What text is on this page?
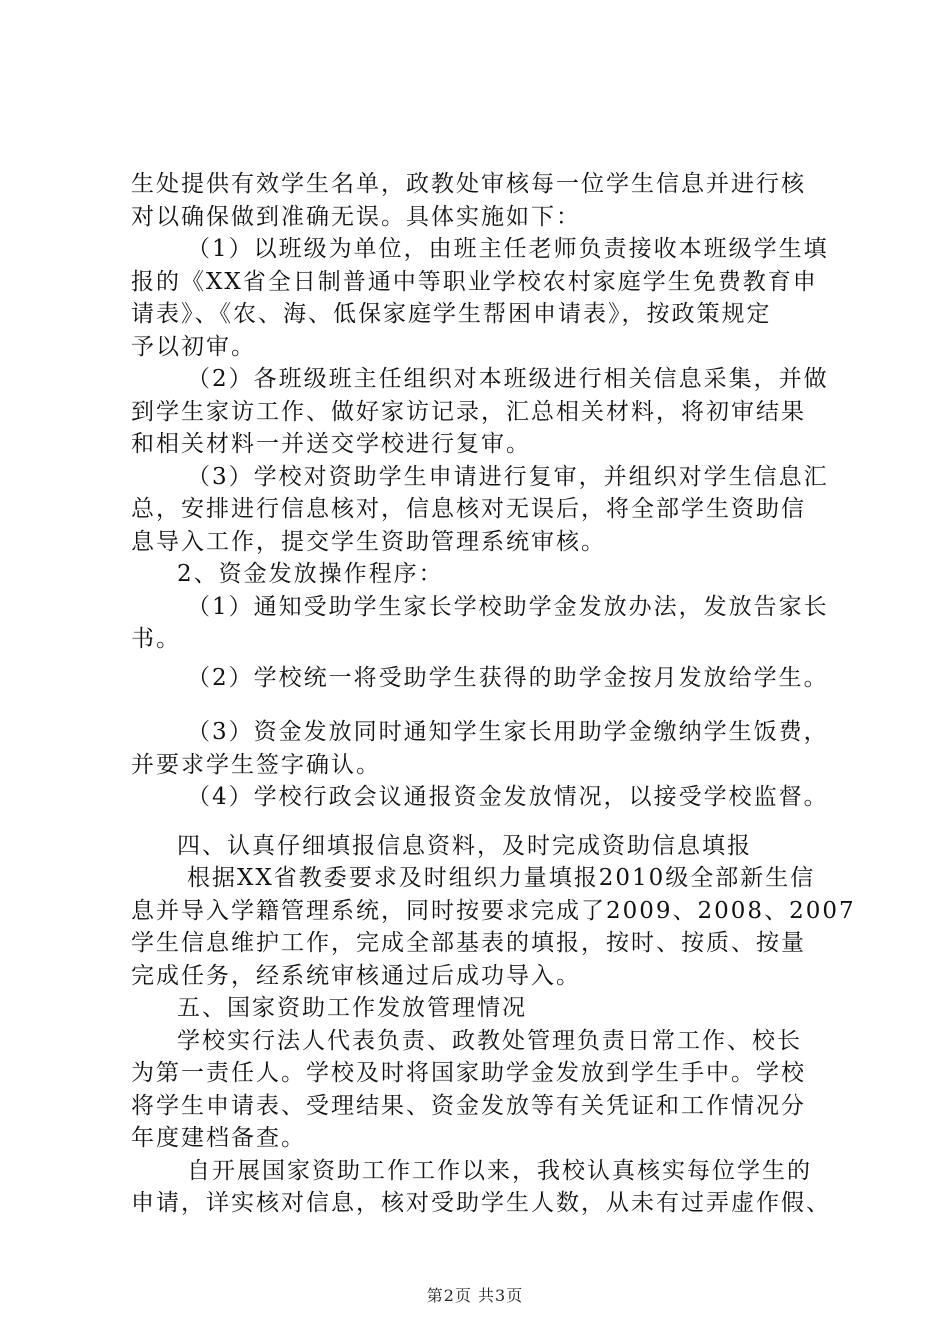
生处提供有效学生名单，政教处审核每一位学生信息并进行核
对以确保做到准确无误。具体实施如下：
（1）以班级为单位，由班主任老师负责接收本班级学生填
报的《XX省全日制普通中等职业学校农村家庭学生免费教育申
请表》、《农、海、低保家庭学生帮困申请表》，按政策规定
予以初审。
（2）各班级班主任组织对本班级进行相关信息采集，并做
到学生家访工作、做好家访记录，汇总相关材料，将初审结果
和相关材料一并送交学校进行复审。
（3）学校对资助学生申请进行复审，并组织对学生信息汇
总，安排进行信息核对，信息核对无误后，将全部学生资助信
息导入工作，提交学生资助管理系统审核。
2、资金发放操作程序：
（1）通知受助学生家长学校助学金发放办法，发放告家长
书。
（2）学校统一将受助学生获得的助学金按月发放给学生。
（3）资金发放同时通知学生家长用助学金缴纳学生饭费，
并要求学生签字确认。
（4）学校行政会议通报资金发放情况，以接受学校监督。
四、认真仔细填报信息资料，及时完成资助信息填报
根据XX省教委要求及时组织力量填报2010级全部新生信
息并导入学籍管理系统，同时按要求完成了2009、2008、2007
学生信息维护工作，完成全部基表的填报，按时、按质、按量
完成任务，经系统审核通过后成功导入。
五、国家资助工作发放管理情况
学校实行法人代表负责、政教处管理负责日常工作、校长
为第一责任人。学校及时将国家助学金发放到学生手中。学校
将学生申请表、受理结果、资金发放等有关凭证和工作情况分
年度建档备查。
自开展国家资助工作工作以来，我校认真核实每位学生的
申请，详实核对信息，核对受助学生人数，从未有过弄虚作假、
第2页 共3页
